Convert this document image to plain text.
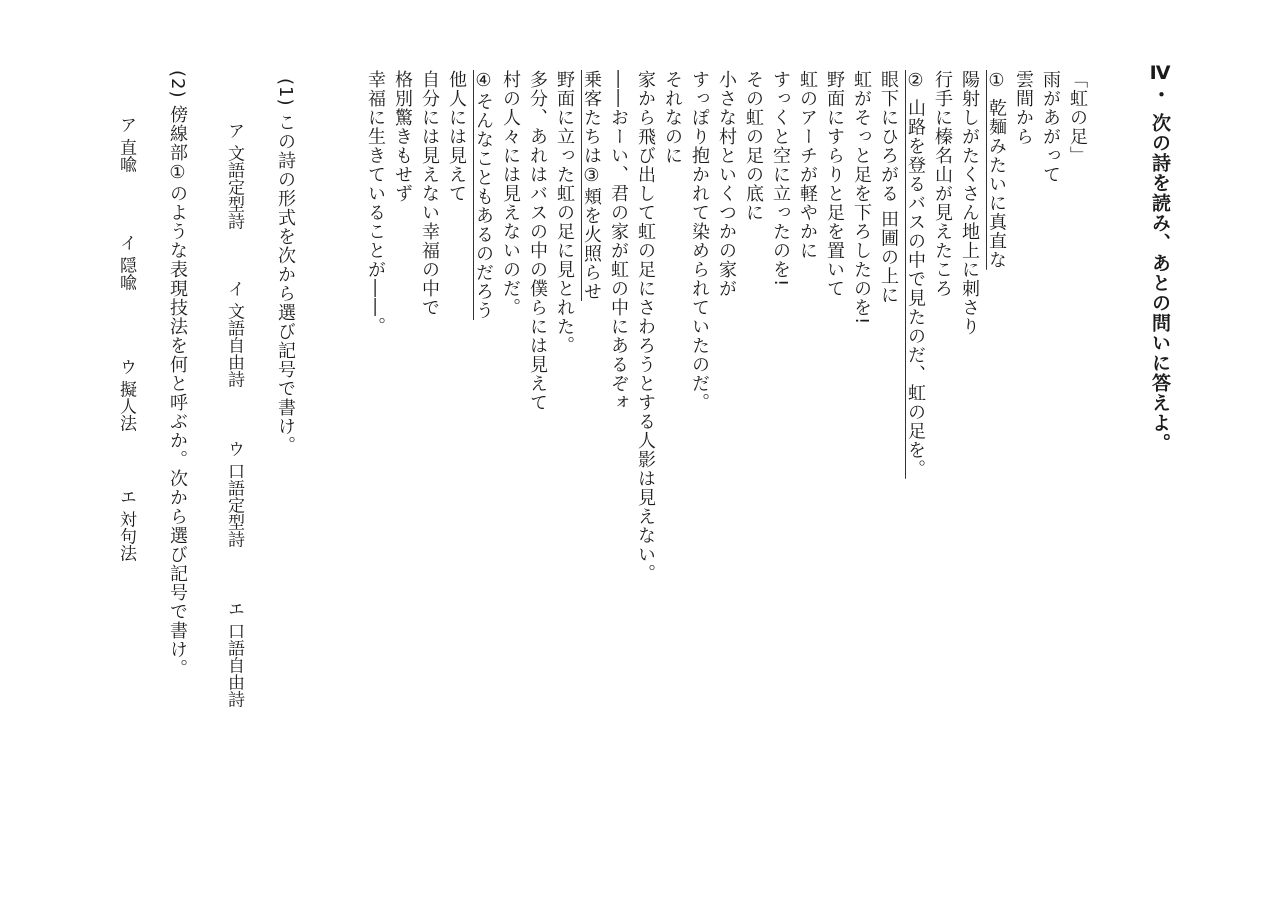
Ⅳ・ 次の詩を読み、あとの問いに答えよ。
「虹の足」
雨があがって
雲間から
① 乾麺みたいに真直な
陽射しがたくさん地上に刺さり
行手に榛名山が見えたころ
② 山路を登るバスの中で見たのだ、虹の足を。
眼下にひろがる 田圃の上に
虹がそっと足を下ろしたのを!
野面にすらりと足を置いて
虹のアーチが軽やかに
すっくと空に立ったのを!
その虹の足の底に
小さな村といくつかの家が
すっぽり抱かれて染められていたのだ。
それなのに
家から飛び出して虹の足にさわろうとする人影は見えない。
――おーい、君の家が虹の中にあるぞォ
乗客たちは③頬を火照らせ
野面に立った虹の足に見とれた。
多分、あれはバスの中の僕らには見えて
村の人々には見えないのだ。
④そんなこともあるのだろう
他人には見えて
自分には見えない幸福の中で
格別驚きもせず
幸福に生きていることが――。
(1) この詩の形式を次から選び記号で書け。
ア 文語定型詩
イ 文語自由詩
ウ 口語定型詩
エ 口語自由詩
(2) 傍線部①のような表現技法を何と呼ぶか。次から選び記号で書け。
ア 直喩
イ 隠喩
ウ 擬人法
エ 対句法
